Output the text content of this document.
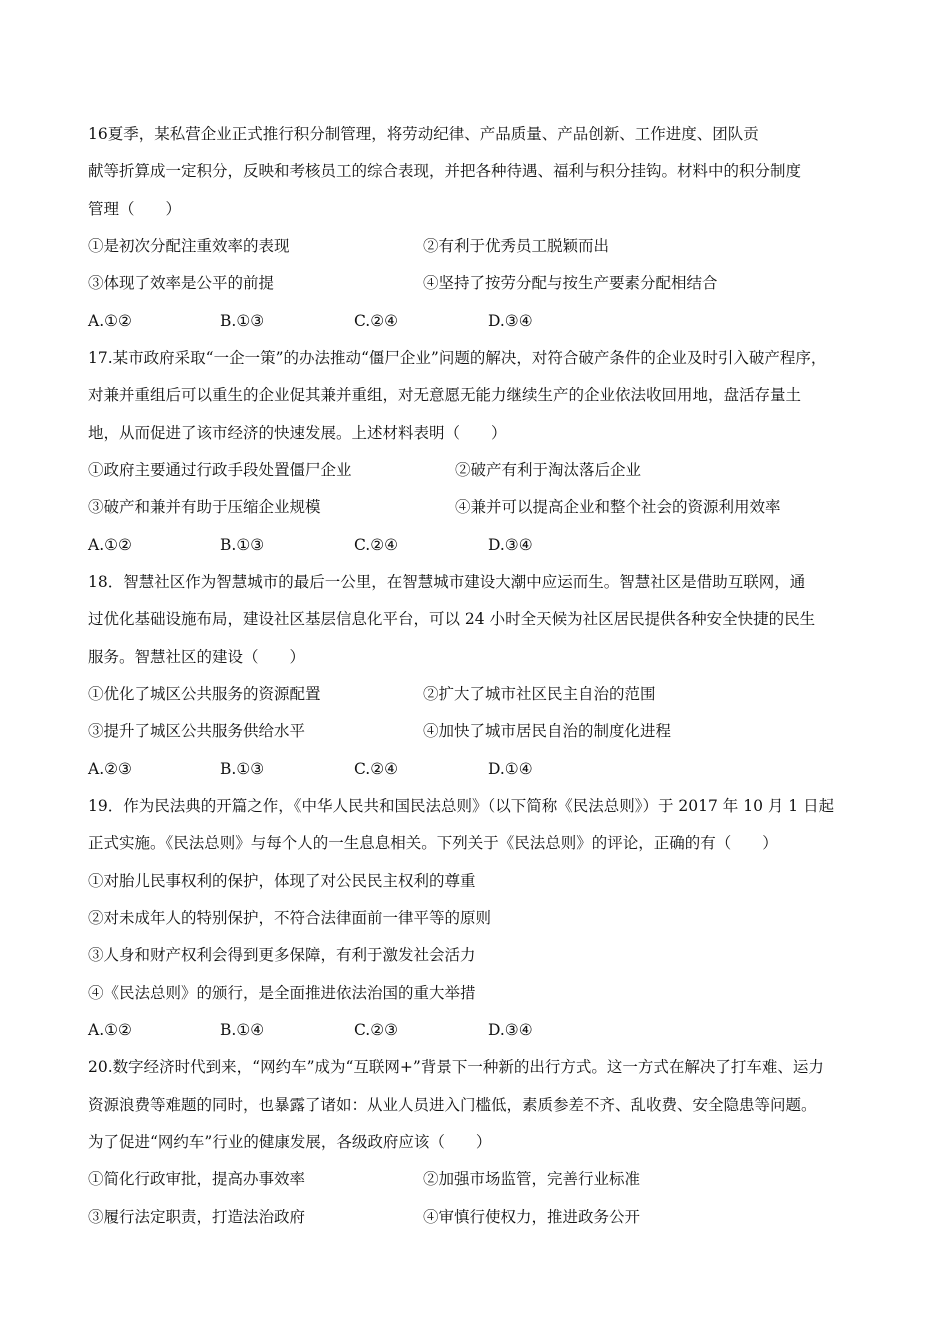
16夏季，某私营企业正式推行积分制管理，将劳动纪律、产品质量、产品创新、工作进度、团队贡
献等折算成一定积分，反映和考核员工的综合表现，并把各种待遇、福利与积分挂钩。材料中的积分制度
管理（　　）
①是初次分配注重效率的表现	②有利于优秀员工脱颖而出
③体现了效率是公平的前提	④坚持了按劳分配与按生产要素分配相结合
A.①②	B.①③	C.②④	D.③④
17.某市政府采取“一企一策”的办法推动“僵尸企业”问题的解决，对符合破产条件的企业及时引入破产程序，
对兼并重组后可以重生的企业促其兼并重组，对无意愿无能力继续生产的企业依法收回用地，盘活存量土
地，从而促进了该市经济的快速发展。上述材料表明（　　）
①政府主要通过行政手段处置僵尸企业	②破产有利于淘汰落后企业
③破产和兼并有助于压缩企业规模	④兼并可以提高企业和整个社会的资源利用效率
A.①②	B.①③	C.②④	D.③④
18．智慧社区作为智慧城市的最后一公里，在智慧城市建设大潮中应运而生。智慧社区是借助互联网，通
过优化基础设施布局，建设社区基层信息化平台，可以 24 小时全天候为社区居民提供各种安全快捷的民生
服务。智慧社区的建设（　　）
①优化了城区公共服务的资源配置	②扩大了城市社区民主自治的范围
③提升了城区公共服务供给水平	④加快了城市居民自治的制度化进程
A.②③	B.①③	C.②④	D.①④
19．作为民法典的开篇之作，《中华人民共和国民法总则》（以下简称《民法总则》）于 2017 年 10 月 1 日起
正式实施。《民法总则》与每个人的一生息息相关。下列关于《民法总则》的评论，正确的有（　　）
①对胎儿民事权利的保护，体现了对公民民主权利的尊重
②对未成年人的特别保护，不符合法律面前一律平等的原则
③人身和财产权利会得到更多保障，有利于激发社会活力
④《民法总则》的颁行，是全面推进依法治国的重大举措
A.①②	B.①④	C.②③	D.③④
20.数字经济时代到来，“网约车”成为“互联网+”背景下一种新的出行方式。这一方式在解决了打车难、运力
资源浪费等难题的同时，也暴露了诸如：从业人员进入门槛低，素质参差不齐、乱收费、安全隐患等问题。
为了促进“网约车”行业的健康发展，各级政府应该（　　）
①简化行政审批，提高办事效率	②加强市场监管，完善行业标准
③履行法定职责，打造法治政府	④审慎行使权力，推进政务公开
